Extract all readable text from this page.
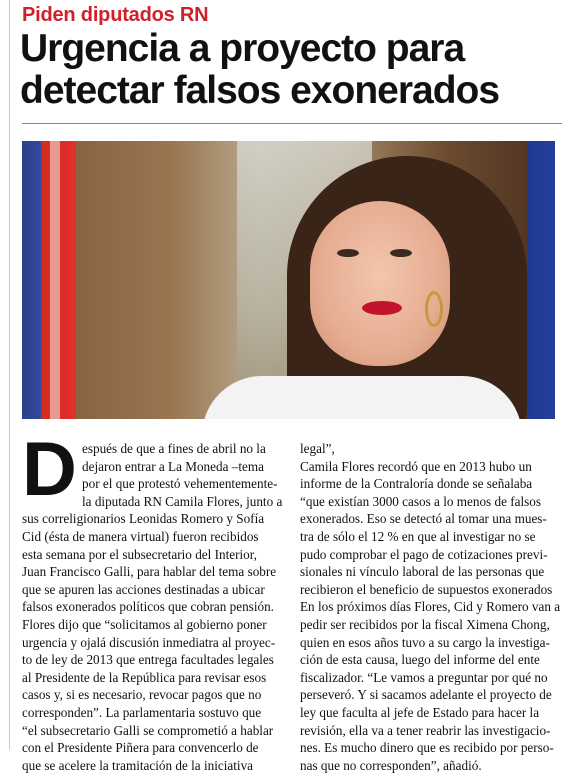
Piden diputados RN
Urgencia a proyecto para
detectar falsos exonerados
D espués de que a fines de abril no la
dejaron entrar a La Moneda –tema
por el que protestó vehementemente-
la diputada RN Camila Flores, junto a
sus correligionarios Leonidas Romero y Sofía
Cid (ésta de manera virtual) fueron recibidos
esta semana por el subsecretario del Interior,
Juan Francisco Galli, para hablar del tema sobre
que se apuren las acciones destinadas a ubicar
falsos exonerados políticos que cobran pensión.
Flores dijo que “solicitamos al gobierno poner
urgencia y ojalá discusión inmediatra al proyec-
to de ley de 2013 que entrega facultades legales
al Presidente de la República para revisar esos
casos y, si es necesario, revocar pagos que no
corresponden”. La parlamentaria sostuvo que
“el subsecretario Galli se comprometió a hablar
con el Presidente Piñera para convencerlo de
que se acelere la tramitación de la iniciativa
legal”,
Camila Flores recordó que en 2013 hubo un
informe de la Contraloría donde se señalaba
“que existían 3000 casos a lo menos de falsos
exonerados. Eso se detectó al tomar una mues-
tra de sólo el 12 % en que al investigar no se
pudo comprobar el pago de cotizaciones previ-
sionales ni vínculo laboral de las personas que
recibieron el beneficio de supuestos exonerados
En los próximos días Flores, Cid y Romero van a
pedir ser recibidos por la fiscal Ximena Chong,
quien en esos años tuvo a su cargo la investiga-
ción de esta causa, luego del informe del ente
fiscalizador. “Le vamos a preguntar por qué no
perseveró. Y si sacamos adelante el proyecto de
ley que faculta al jefe de Estado para hacer la
revisión, ella va a tener reabrir las investigacio-
nes. Es mucho dinero que es recibido por perso-
nas que no corresponden”, añadió.
